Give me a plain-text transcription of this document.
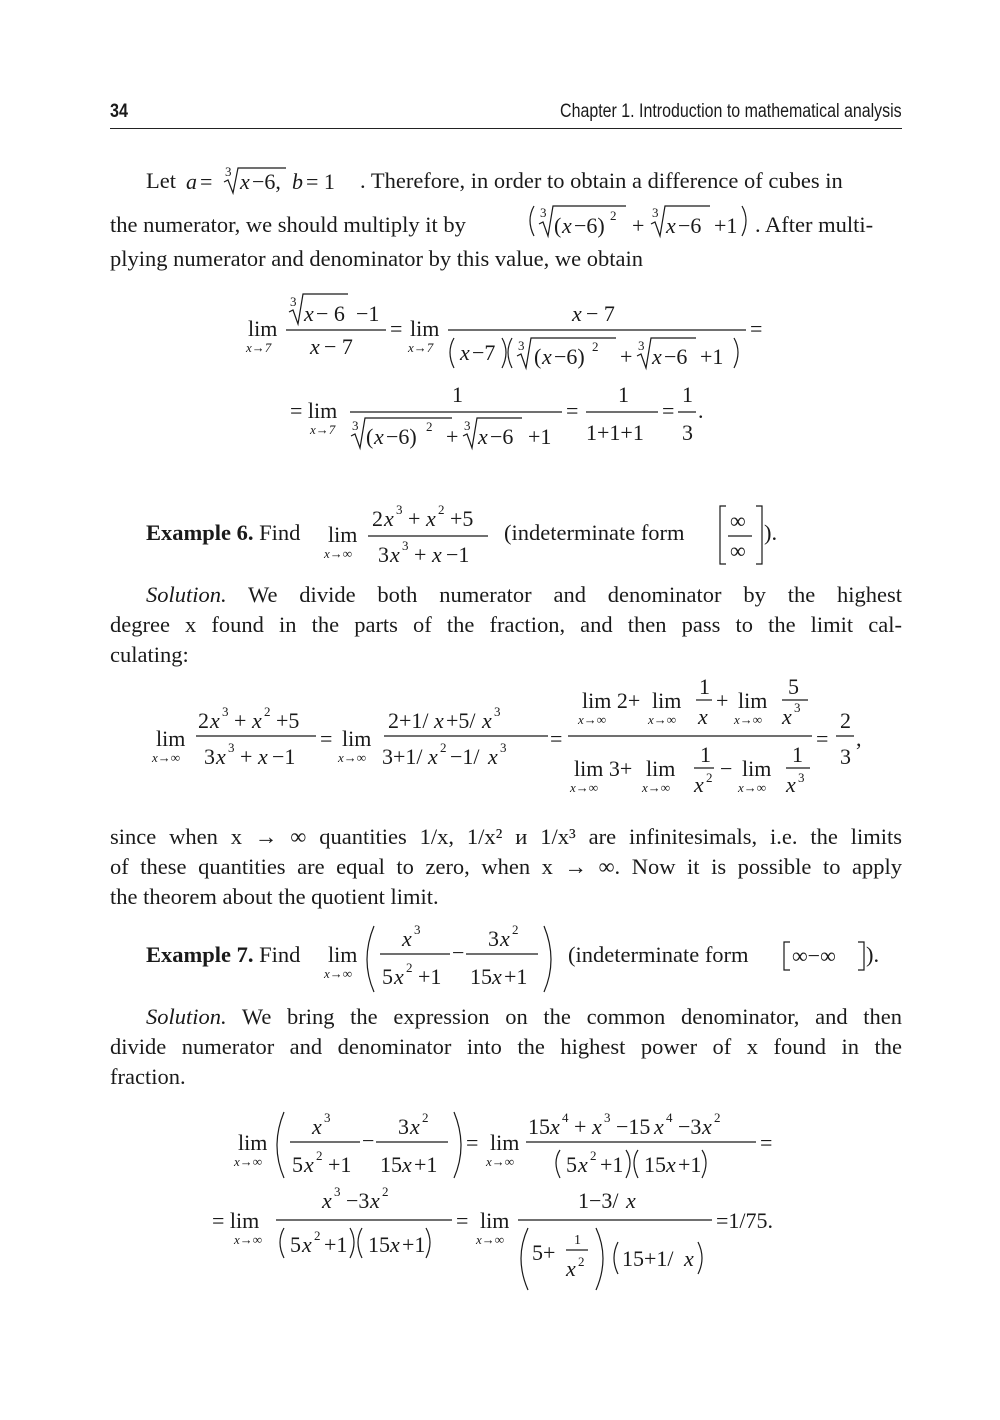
34	Chapter 1. Introduction to mathematical analysis
Let a = 3 x −6, b = 1 . Therefore, in order to obtain a difference of cubes in
the numerator, we should multiply it by	3
( x −6) 2 +
3
x −6 +1 . After multi-
plying numerator and denominator by this value, we obtain
lim
x→7
3 x − 6 −1
x − 7
= lim
x→7
x − 7
x −7 3 ( x −6) 2 + 3 x −6 +1
=
= lim
x→7
1
3 ( x −6) 2 + 3 x −6 +1
=
1
1+1+1
=
1
3
.
Example 6. Find lim
x→∞
2 x 3 + x 2 +5
3 x 3 + x −1
(indeterminate form ∞
∞
).
Solution. We divide both numerator and denominator by the highest
degree x found in the parts of the fraction, and then pass to the limit cal-
culating:
lim
x→∞
2 x 3 + x 2 +5
3 x 3 + x −1
= lim
x→∞
2+1/ x +5/ x 3
3+1/ x 2 −1/ x 3 =
lim 2+
x→∞
lim
x→∞
1
x
+ lim
x→∞
5
x 3
lim 3+
x→∞
lim
x→∞
1
x 2 − lim
x→∞
1
x 3
=
2
3
,
since when x → ∞ quantities 1/x, 1/x² и 1/x³ are infinitesimals, i.e. the limits
of these quantities are equal to zero, when x → ∞. Now it is possible to apply
the theorem about the quotient limit.
Example 7. Find lim
x→∞
x 3
5 x 2 +1
−
3 x 2
15 x +1
(indeterminate form ∞−∞ ).
Solution. We bring the expression on the common denominator, and then
divide numerator and denominator into the highest power of x found in the
fraction.
lim
x→∞
x 3
5 x 2 +1
−
3 x 2
15 x +1
= lim
x→∞
15 x 4 + x 3 −15 x 4 −3 x 2
5 x 2 +1 15 x +1
=
= lim
x→∞
x 3 −3 x 2
5 x 2 +1 15 x +1
= lim
x→∞
1−3/ x
5+ 1
x 2 15+1/ x
=1/75.
